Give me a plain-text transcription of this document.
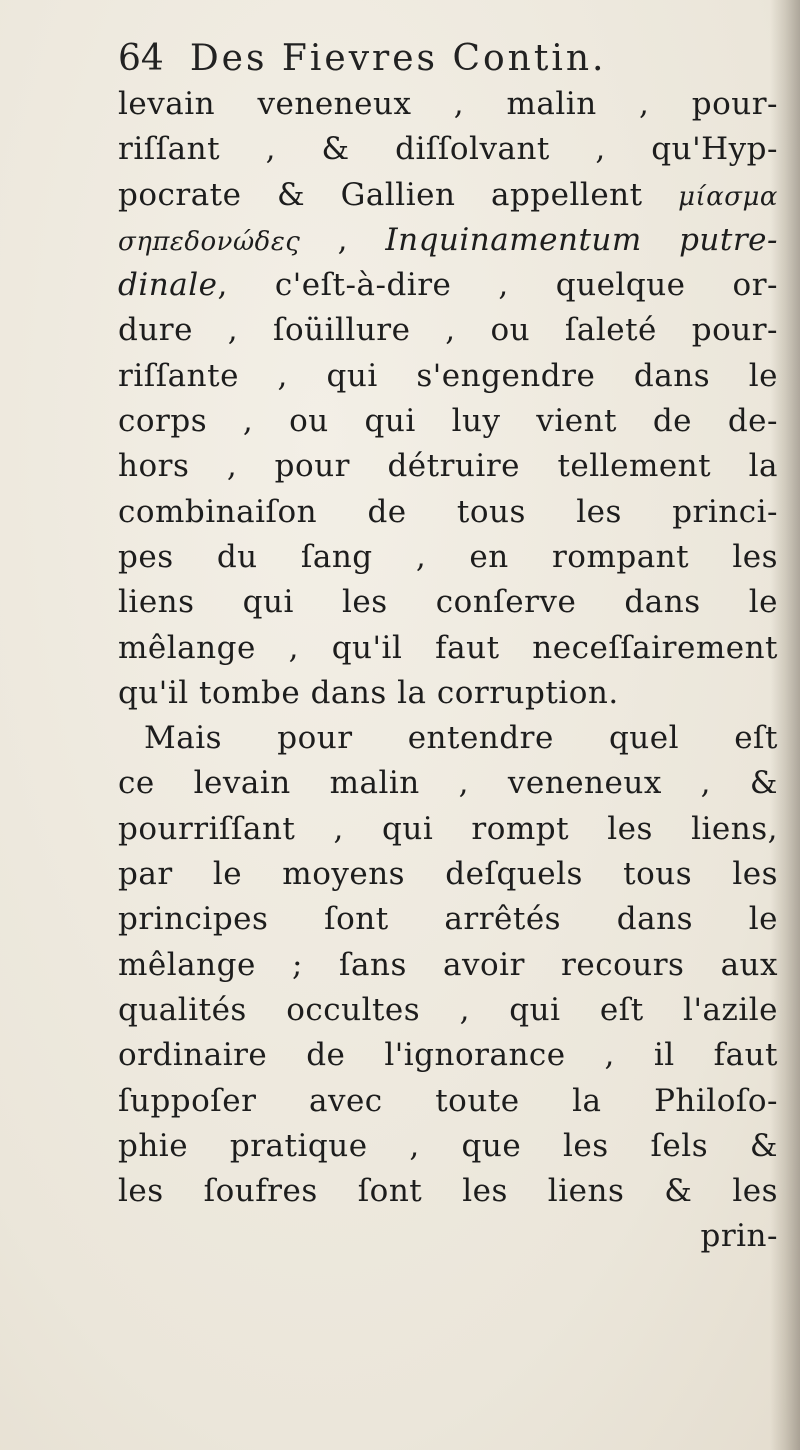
64 Des Fievres Contin.
levain veneneux , malin , pour-
riſſant , & diſſolvant , qu'Hyp-
pocrate & Gallien appellent μίασμα
σηπεδονώδες , Inquinamentum putre-
dinale, c'eſt-à-dire , quelque or-
dure , ſoüillure , ou ſaleté pour-
riſſante , qui s'engendre dans le
corps , ou qui luy vient de de-
hors , pour détruire tellement la
combinaiſon de tous les princi-
pes du ſang , en rompant les
liens qui les conſerve dans le
mêlange , qu'il faut neceſſairement
qu'il tombe dans la corruption.
Mais pour entendre quel eſt
ce levain malin , veneneux , &
pourriſſant , qui rompt les liens,
par le moyens deſquels tous les
principes ſont arrêtés dans le
mêlange ; ſans avoir recours aux
qualités occultes , qui eſt l'azile
ordinaire de l'ignorance , il faut
ſuppoſer avec toute la Philoſo-
phie pratique , que les ſels &
les ſoufres ſont les liens & les
prin-
